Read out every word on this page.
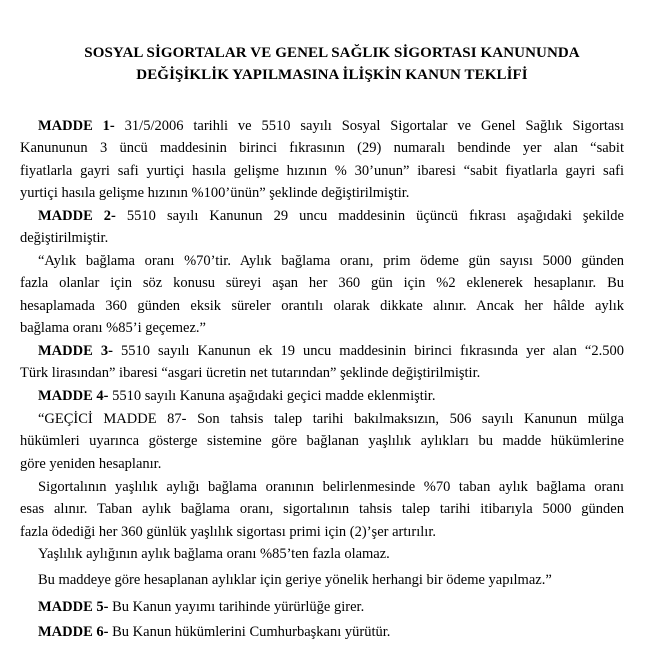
SOSYAL SİGORTALAR VE GENEL SAĞLIK SİGORTASI KANUNUNDA
DEĞİŞİKLİK YAPILMASINA İLİŞKİN KANUN TEKLİFİ
MADDE 1- 31/5/2006 tarihli ve 5510 sayılı Sosyal Sigortalar ve Genel Sağlık Sigortası
Kanununun 3 üncü maddesinin birinci fıkrasının (29) numaralı bendinde yer alan “sabit
fiyatlarla gayri safi yurtiçi hasıla gelişme hızının % 30’unun” ibaresi “sabit fiyatlarla gayri safi
yurtiçi hasıla gelişme hızının %100’ünün” şeklinde değiştirilmiştir.
MADDE 2- 5510 sayılı Kanunun 29 uncu maddesinin üçüncü fıkrası aşağıdaki şekilde
değiştirilmiştir.
“Aylık bağlama oranı %70’tir. Aylık bağlama oranı, prim ödeme gün sayısı 5000 günden
fazla olanlar için söz konusu süreyi aşan her 360 gün için %2 eklenerek hesaplanır. Bu
hesaplamada 360 günden eksik süreler orantılı olarak dikkate alınır. Ancak her hâlde aylık
bağlama oranı %85’i geçemez.”
MADDE 3- 5510 sayılı Kanunun ek 19 uncu maddesinin birinci fıkrasında yer alan “2.500
Türk lirasından” ibaresi “asgari ücretin net tutarından” şeklinde değiştirilmiştir.
MADDE 4- 5510 sayılı Kanuna aşağıdaki geçici madde eklenmiştir.
“GEÇİCİ MADDE 87- Son tahsis talep tarihi bakılmaksızın, 506 sayılı Kanunun mülga
hükümleri uyarınca gösterge sistemine göre bağlanan yaşlılık aylıkları bu madde hükümlerine
göre yeniden hesaplanır.
Sigortalının yaşlılık aylığı bağlama oranının belirlenmesinde %70 taban aylık bağlama oranı
esas alınır. Taban aylık bağlama oranı, sigortalının tahsis talep tarihi itibarıyla 5000 günden
fazla ödediği her 360 günlük yaşlılık sigortası primi için (2)’şer artırılır.
Yaşlılık aylığının aylık bağlama oranı %85’ten fazla olamaz.
Bu maddeye göre hesaplanan aylıklar için geriye yönelik herhangi bir ödeme yapılmaz.”
MADDE 5- Bu Kanun yayımı tarihinde yürürlüğe girer.
MADDE 6- Bu Kanun hükümlerini Cumhurbaşkanı yürütür.
